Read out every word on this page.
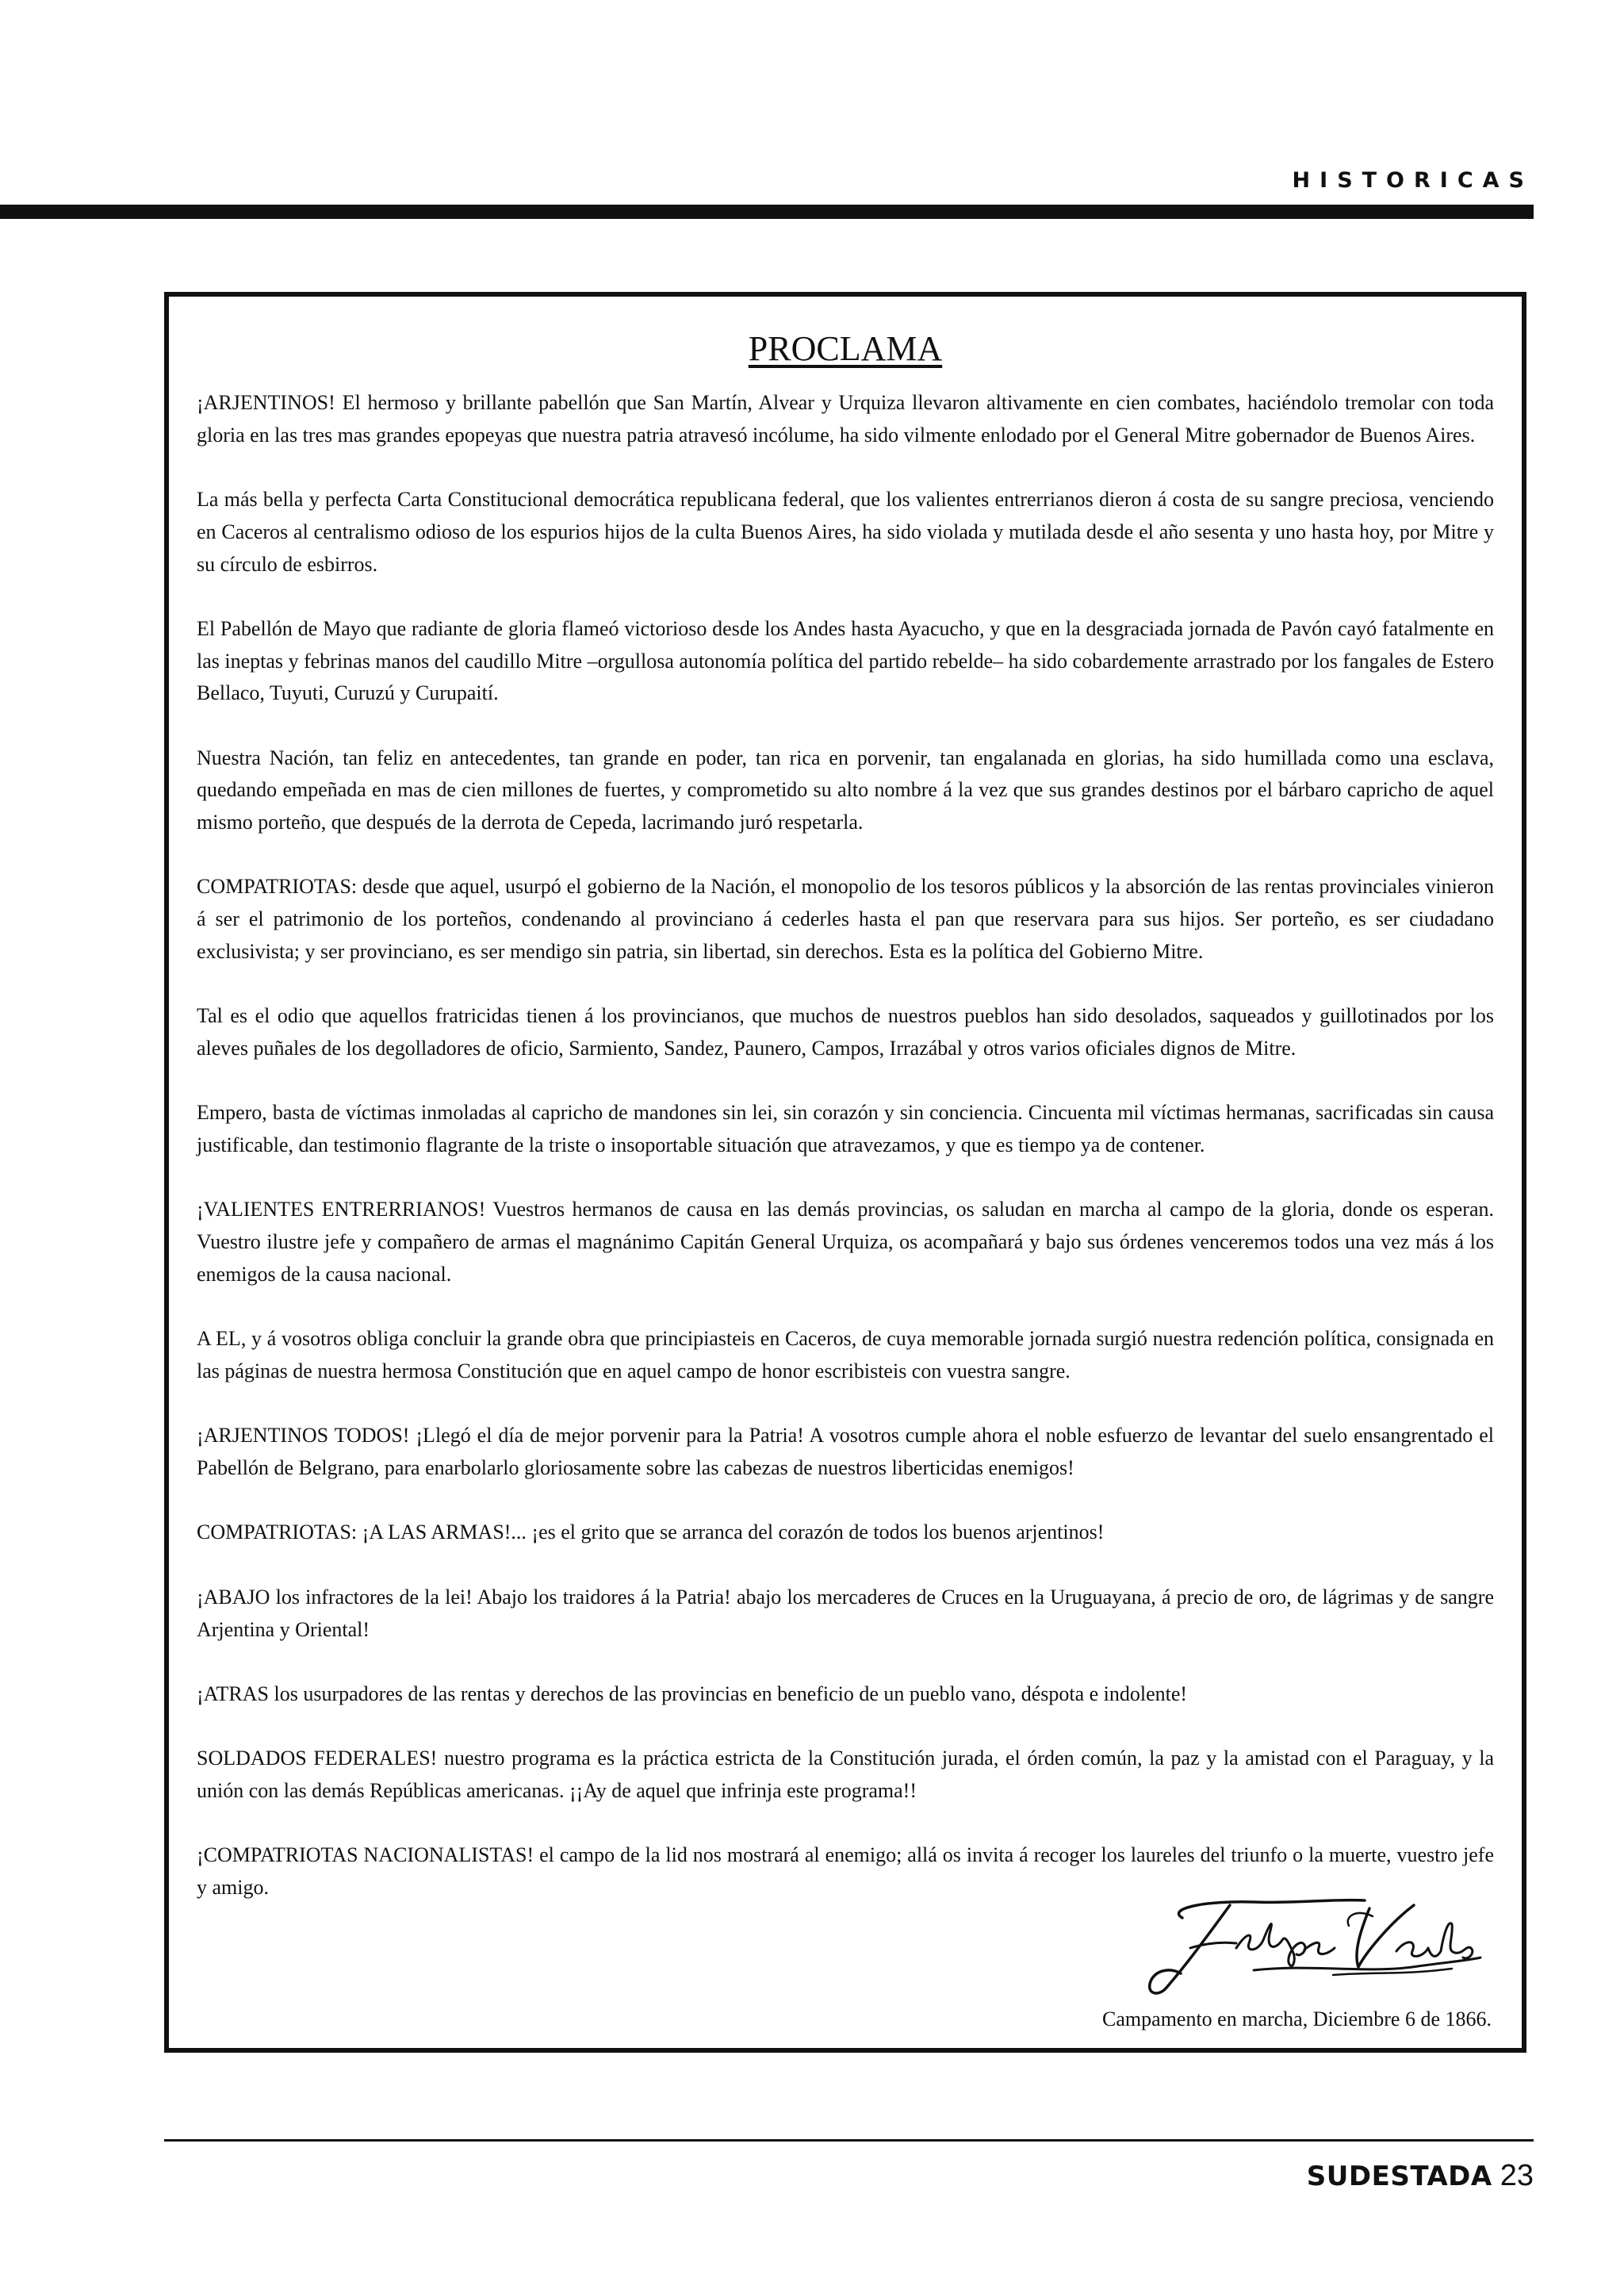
HISTORICAS
PROCLAMA

¡ARJENTINOS! El hermoso y brillante pabellón que San Martín, Alvear y Urquiza llevaron altivamente en cien combates, haciéndolo tremolar con toda gloria en las tres mas grandes epopeyas que nuestra patria atravesó incólume, ha sido vilmente enlodado por el General Mitre gobernador de Buenos Aires.

La más bella y perfecta Carta Constitucional democrática republicana federal, que los valientes entrerrianos dieron á costa de su sangre preciosa, venciendo en Caceros al centralismo odioso de los espurios hijos de la culta Buenos Aires, ha sido violada y mutilada desde el año sesenta y uno hasta hoy, por Mitre y su círculo de esbirros.

El Pabellón de Mayo que radiante de gloria flameó victorioso desde los Andes hasta Ayacucho, y que en la desgraciada jornada de Pavón cayó fatalmente en las ineptas y febrinas manos del caudillo Mitre –orgullosa autonomía política del partido rebelde– ha sido cobardemente arrastrado por los fangales de Estero Bellaco, Tuyuti, Curuzú y Curupaití.

Nuestra Nación, tan feliz en antecedentes, tan grande en poder, tan rica en porvenir, tan engalanada en glorias, ha sido humillada como una esclava, quedando empeñada en mas de cien millones de fuertes, y comprometido su alto nombre á la vez que sus grandes destinos por el bárbaro capricho de aquel mismo porteño, que después de la derrota de Cepeda, lacrimando juró respetarla.

COMPATRIOTAS: desde que aquel, usurpó el gobierno de la Nación, el monopolio de los tesoros públicos y la absorción de las rentas provinciales vinieron á ser el patrimonio de los porteños, condenando al provinciano á cederles hasta el pan que reservara para sus hijos. Ser porteño, es ser ciudadano exclusivista; y ser provinciano, es ser mendigo sin patria, sin libertad, sin derechos. Esta es la política del Gobierno Mitre.

Tal es el odio que aquellos fratricidas tienen á los provincianos, que muchos de nuestros pueblos han sido desolados, saqueados y guillotinados por los aleves puñales de los degolladores de oficio, Sarmiento, Sandez, Paunero, Campos, Irrazábal y otros varios oficiales dignos de Mitre.

Empero, basta de víctimas inmoladas al capricho de mandones sin lei, sin corazón y sin conciencia. Cincuenta mil víctimas hermanas, sacrificadas sin causa justificable, dan testimonio flagrante de la triste o insoportable situación que atravezamos, y que es tiempo ya de contener.

¡VALIENTES ENTRERRIANOS! Vuestros hermanos de causa en las demás provincias, os saludan en marcha al campo de la gloria, donde os esperan. Vuestro ilustre jefe y compañero de armas el magnánimo Capitán General Urquiza, os acompañará y bajo sus órdenes venceremos todos una vez más á los enemigos de la causa nacional.

A EL, y á vosotros obliga concluir la grande obra que principiasteis en Caceros, de cuya memorable jornada surgió nuestra redención política, consignada en las páginas de nuestra hermosa Constitución que en aquel campo de honor escribisteis con vuestra sangre.

¡ARJENTINOS TODOS! ¡Llegó el día de mejor porvenir para la Patria! A vosotros cumple ahora el noble esfuerzo de levantar del suelo ensangrentado el Pabellón de Belgrano, para enarbolarlo gloriosamente sobre las cabezas de nuestros liberticidas enemigos!

COMPATRIOTAS: ¡A LAS ARMAS!... ¡es el grito que se arranca del corazón de todos los buenos arjentinos!

¡ABAJO los infractores de la lei! Abajo los traidores á la Patria! abajo los mercaderes de Cruces en la Uruguayana, á precio de oro, de lágrimas y de sangre Arjentina y Oriental!

¡ATRAS los usurpadores de las rentas y derechos de las provincias en beneficio de un pueblo vano, déspota e indolente!

SOLDADOS FEDERALES! nuestro programa es la práctica estricta de la Constitución jurada, el órden común, la paz y la amistad con el Paraguay, y la unión con las demás Repúblicas americanas. ¡¡Ay de aquel que infrinja este programa!!

¡COMPATRIOTAS NACIONALISTAS! el campo de la lid nos mostrará al enemigo; allá os invita á recoger los laureles del triunfo o la muerte, vuestro jefe y amigo.

Campamento en marcha, Diciembre 6 de 1866.
SUDESTADA 23
